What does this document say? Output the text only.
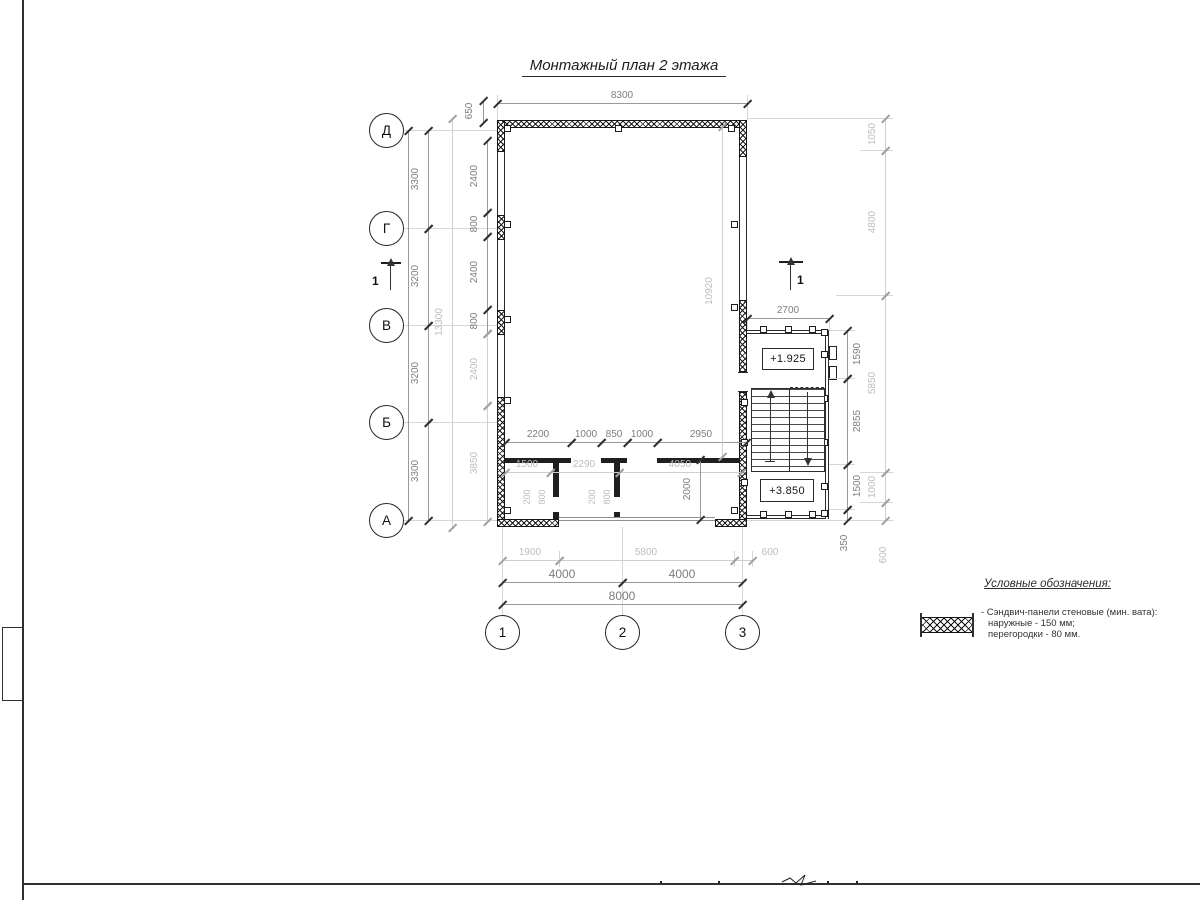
Монтажный план 2 этажа
1	1
+1.925
+3.850
Условные обозначения:
- Сэндвич-панели стеновые (мин. вата):
наружные - 150 мм;
перегородки - 80 мм.
8300
2700
2200	1000 850 1000	2950
1500	2290	4050
1900	5800	600
4000	4000
8000
650
3300
3200
3200
3300
13300
2400
800
2400
800
2400
3850
10920
2000
1590
2855
1500
350
1050
4800
5850
1000
600
200 800	200 800
Д
Г
В
Б
А
1	2	3
